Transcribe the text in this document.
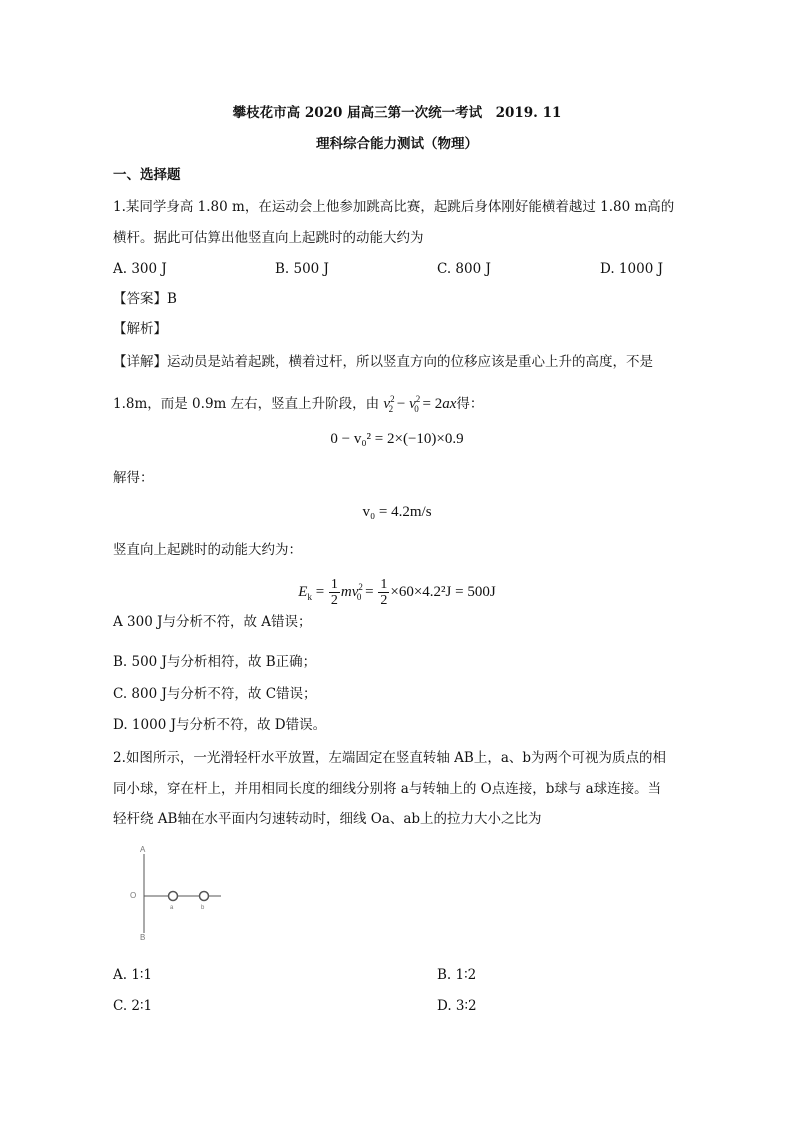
攀枝花市高 2020 届高三第一次统一考试　2019. 11
理科综合能力测试（物理）
一、选择题
1.某同学身高 1.80 m，在运动会上他参加跳高比赛，起跳后身体刚好能横着越过 1.80 m高的
横杆。据此可估算出他竖直向上起跳时的动能大约为
A. 300 J	B. 500 J	C. 800 J	D. 1000 J
【答案】B
【解析】
【详解】运动员是站着起跳，横着过杆，所以竖直方向的位移应该是重心上升的高度，不是
1.8m，而是 0.9m 左右，竖直上升阶段，由 $v^2_2 - v^2_0 = 2ax$得：
0 − v₀² = 2×(−10)×0.9
解得：
v₀ = 4.2m/s
竖直向上起跳时的动能大约为：
$E_k = \frac{1}{2} mv^2_0 = \frac{1}{2} \times 60\times 4.2^2J = 500J$
A 300 J与分析不符，故 A错误；
B. 500 J与分析相符，故 B正确；
C. 800 J与分析不符，故 C错误；
D. 1000 J与分析不符，故 D错误。
2.如图所示，一光滑轻杆水平放置，左端固定在竖直转轴 AB上，a、b为两个可视为质点的相
同小球，穿在杆上，并用相同长度的细线分别将 a与转轴上的 O点连接，b球与 a球连接。当
轻杆绕 AB轴在水平面内匀速转动时，细线 Oa、ab上的拉力大小之比为
A
O
B
a	b
A. 1∶1	B. 1∶2
C. 2∶1	D. 3∶2
